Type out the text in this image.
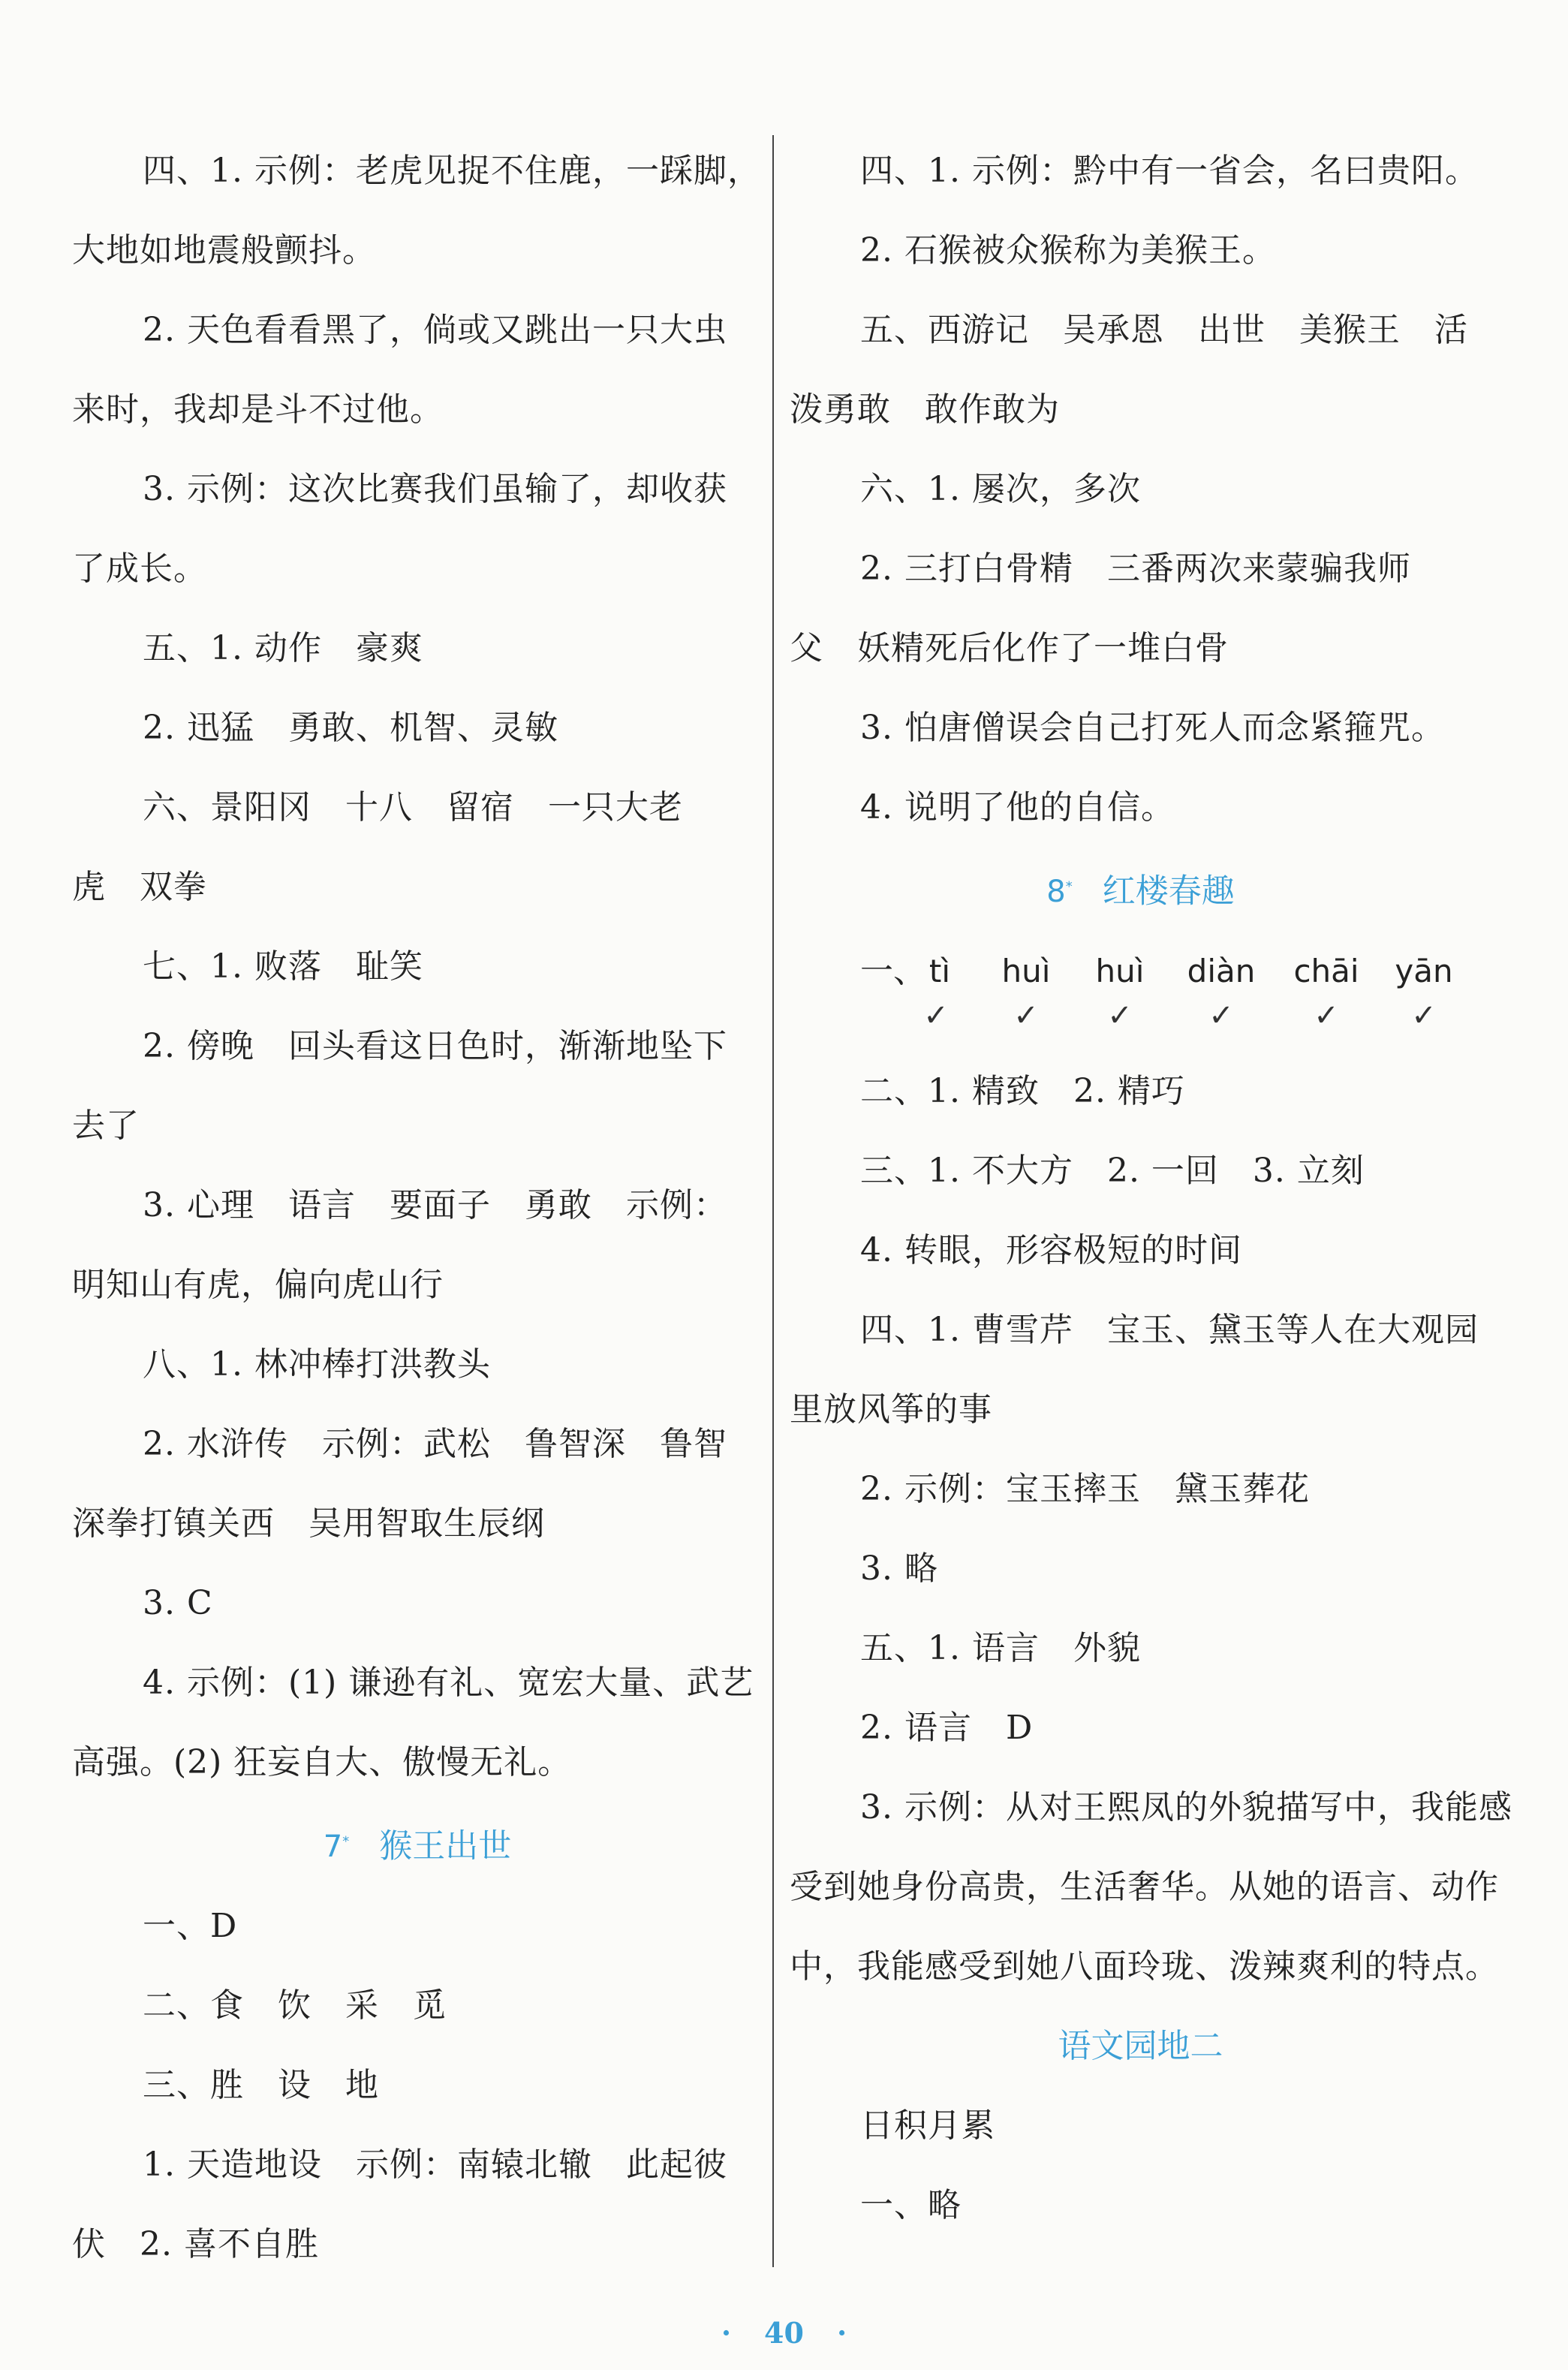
四、1. 示例：老虎见捉不住鹿，一踩脚，

大地如地震般颤抖。

2. 天色看看黑了，倘或又跳出一只大虫

来时，我却是斗不过他。

3. 示例：这次比赛我们虽输了，却收获

了成长。

五、1. 动作　豪爽

2. 迅猛　勇敢、机智、灵敏

六、景阳冈　十八　留宿　一只大老

虎　双拳

七、1. 败落　耻笑

2. 傍晚　回头看这日色时，渐渐地坠下

去了

3. 心理　语言　要面子　勇敢　示例：

明知山有虎，偏向虎山行

八、1. 林冲棒打洪教头

2. 水浒传　示例：武松　鲁智深　鲁智

深拳打镇关西　吴用智取生辰纲

3. C

4. 示例：(1) 谦逊有礼、宽宏大量、武艺

高强。(2) 狂妄自大、傲慢无礼。

7* 猴王出世

一、D

二、食　饮　采　觅

三、胜　设　地

1. 天造地设　示例：南辕北辙　此起彼

伏　2. 喜不自胜

四、1. 示例：黔中有一省会，名曰贵阳。

2. 石猴被众猴称为美猴王。

五、西游记　吴承恩　出世　美猴王　活

泼勇敢　敢作敢为

六、1. 屡次，多次

2. 三打白骨精　三番两次来蒙骗我师

父　妖精死后化作了一堆白骨

3. 怕唐僧误会自己打死人而念紧箍咒。

4. 说明了他的自信。

8* 红楼春趣

一、 tì	huì	huì	diàn	chāi	yān
✓	✓	✓	✓	✓	✓

二、1. 精致　2. 精巧

三、1. 不大方　2. 一回　3. 立刻

4. 转眼，形容极短的时间

四、1. 曹雪芹　宝玉、黛玉等人在大观园

里放风筝的事

2. 示例：宝玉摔玉　黛玉葬花

3. 略

五、1. 语言　外貌

2. 语言　D

3. 示例：从对王熙凤的外貌描写中，我能感

受到她身份高贵，生活奢华。从她的语言、动作

中，我能感受到她八面玲珑、泼辣爽利的特点。

语文园地二

日积月累

一、略

· 40 ·
